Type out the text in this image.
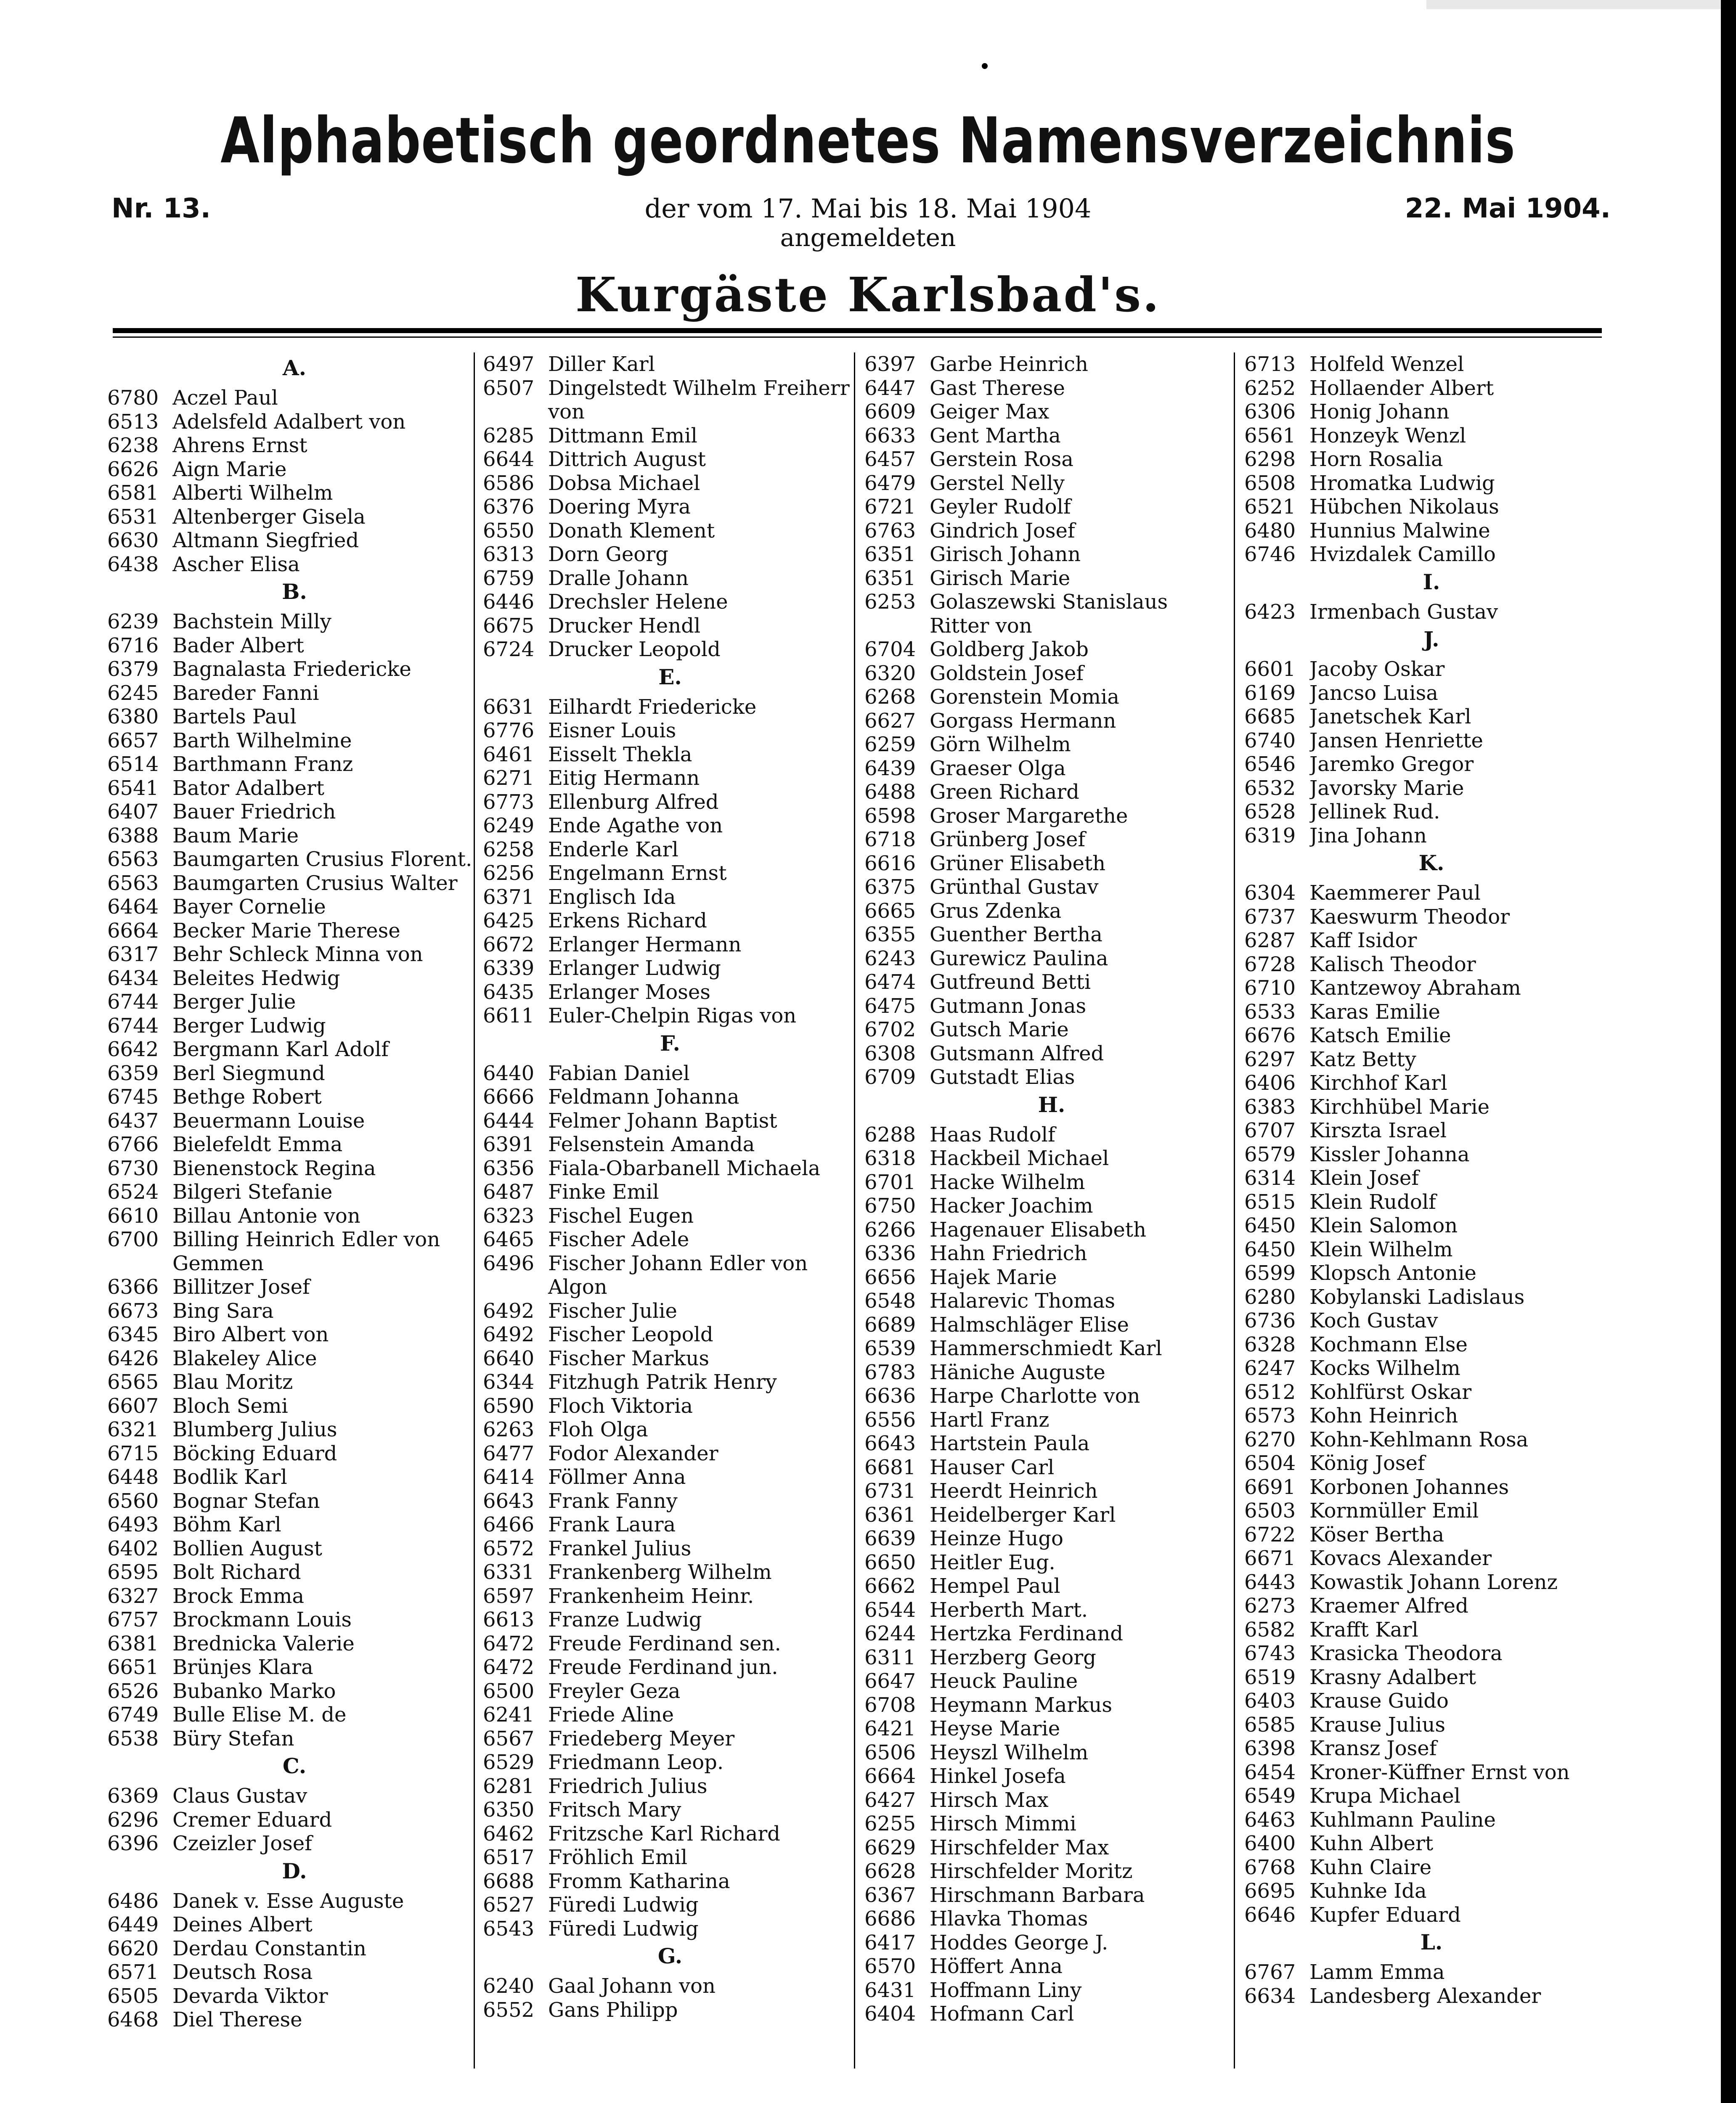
Alphabetisch geordnetes Namensverzeichnis
Nr. 13.	22. Mai 1904.
der vom 17. Mai bis 18. Mai 1904
angemeldeten
Kurgäste Karlsbad's.
A.
6780 Aczel Paul
6513 Adelsfeld Adalbert von
6238 Ahrens Ernst
6626 Aign Marie
6581 Alberti Wilhelm
6531 Altenberger Gisela
6630 Altmann Siegfried
6438 Ascher Elisa
B.
6239 Bachstein Milly
6716 Bader Albert
6379 Bagnalasta Friedericke
6245 Bareder Fanni
6380 Bartels Paul
6657 Barth Wilhelmine
6514 Barthmann Franz
6541 Bator Adalbert
6407 Bauer Friedrich
6388 Baum Marie
6563 Baumgarten Crusius Florent.
6563 Baumgarten Crusius Walter
6464 Bayer Cornelie
6664 Becker Marie Therese
6317 Behr Schleck Minna von
6434 Beleites Hedwig
6744 Berger Julie
6744 Berger Ludwig
6642 Bergmann Karl Adolf
6359 Berl Siegmund
6745 Bethge Robert
6437 Beuermann Louise
6766 Bielefeldt Emma
6730 Bienenstock Regina
6524 Bilgeri Stefanie
6610 Billau Antonie von
6700 Billing Heinrich Edler von
Gemmen
6366 Billitzer Josef
6673 Bing Sara
6345 Biro Albert von
6426 Blakeley Alice
6565 Blau Moritz
6607 Bloch Semi
6321 Blumberg Julius
6715 Böcking Eduard
6448 Bodlik Karl
6560 Bognar Stefan
6493 Böhm Karl
6402 Bollien August
6595 Bolt Richard
6327 Brock Emma
6757 Brockmann Louis
6381 Brednicka Valerie
6651 Brünjes Klara
6526 Bubanko Marko
6749 Bulle Elise M. de
6538 Büry Stefan
C.
6369 Claus Gustav
6296 Cremer Eduard
6396 Czeizler Josef
D.
6486 Danek v. Esse Auguste
6449 Deines Albert
6620 Derdau Constantin
6571 Deutsch Rosa
6505 Devarda Viktor
6468 Diel Therese
6497 Diller Karl
6507 Dingelstedt Wilhelm Freiherr
von
6285 Dittmann Emil
6644 Dittrich August
6586 Dobsa Michael
6376 Doering Myra
6550 Donath Klement
6313 Dorn Georg
6759 Dralle Johann
6446 Drechsler Helene
6675 Drucker Hendl
6724 Drucker Leopold
E.
6631 Eilhardt Friedericke
6776 Eisner Louis
6461 Eisselt Thekla
6271 Eitig Hermann
6773 Ellenburg Alfred
6249 Ende Agathe von
6258 Enderle Karl
6256 Engelmann Ernst
6371 Englisch Ida
6425 Erkens Richard
6672 Erlanger Hermann
6339 Erlanger Ludwig
6435 Erlanger Moses
6611 Euler-Chelpin Rigas von
F.
6440 Fabian Daniel
6666 Feldmann Johanna
6444 Felmer Johann Baptist
6391 Felsenstein Amanda
6356 Fiala-Obarbanell Michaela
6487 Finke Emil
6323 Fischel Eugen
6465 Fischer Adele
6496 Fischer Johann Edler von
Algon
6492 Fischer Julie
6492 Fischer Leopold
6640 Fischer Markus
6344 Fitzhugh Patrik Henry
6590 Floch Viktoria
6263 Floh Olga
6477 Fodor Alexander
6414 Föllmer Anna
6643 Frank Fanny
6466 Frank Laura
6572 Frankel Julius
6331 Frankenberg Wilhelm
6597 Frankenheim Heinr.
6613 Franze Ludwig
6472 Freude Ferdinand sen.
6472 Freude Ferdinand jun.
6500 Freyler Geza
6241 Friede Aline
6567 Friedeberg Meyer
6529 Friedmann Leop.
6281 Friedrich Julius
6350 Fritsch Mary
6462 Fritzsche Karl Richard
6517 Fröhlich Emil
6688 Fromm Katharina
6527 Füredi Ludwig
6543 Füredi Ludwig
G.
6240 Gaal Johann von
6552 Gans Philipp
6397 Garbe Heinrich
6447 Gast Therese
6609 Geiger Max
6633 Gent Martha
6457 Gerstein Rosa
6479 Gerstel Nelly
6721 Geyler Rudolf
6763 Gindrich Josef
6351 Girisch Johann
6351 Girisch Marie
6253 Golaszewski Stanislaus
Ritter von
6704 Goldberg Jakob
6320 Goldstein Josef
6268 Gorenstein Momia
6627 Gorgass Hermann
6259 Görn Wilhelm
6439 Graeser Olga
6488 Green Richard
6598 Groser Margarethe
6718 Grünberg Josef
6616 Grüner Elisabeth
6375 Grünthal Gustav
6665 Grus Zdenka
6355 Guenther Bertha
6243 Gurewicz Paulina
6474 Gutfreund Betti
6475 Gutmann Jonas
6702 Gutsch Marie
6308 Gutsmann Alfred
6709 Gutstadt Elias
H.
6288 Haas Rudolf
6318 Hackbeil Michael
6701 Hacke Wilhelm
6750 Hacker Joachim
6266 Hagenauer Elisabeth
6336 Hahn Friedrich
6656 Hajek Marie
6548 Halarevic Thomas
6689 Halmschläger Elise
6539 Hammerschmiedt Karl
6783 Häniche Auguste
6636 Harpe Charlotte von
6556 Hartl Franz
6643 Hartstein Paula
6681 Hauser Carl
6731 Heerdt Heinrich
6361 Heidelberger Karl
6639 Heinze Hugo
6650 Heitler Eug.
6662 Hempel Paul
6544 Herberth Mart.
6244 Hertzka Ferdinand
6311 Herzberg Georg
6647 Heuck Pauline
6708 Heymann Markus
6421 Heyse Marie
6506 Heyszl Wilhelm
6664 Hinkel Josefa
6427 Hirsch Max
6255 Hirsch Mimmi
6629 Hirschfelder Max
6628 Hirschfelder Moritz
6367 Hirschmann Barbara
6686 Hlavka Thomas
6417 Hoddes George J.
6570 Höffert Anna
6431 Hoffmann Liny
6404 Hofmann Carl
6713 Holfeld Wenzel
6252 Hollaender Albert
6306 Honig Johann
6561 Honzeyk Wenzl
6298 Horn Rosalia
6508 Hromatka Ludwig
6521 Hübchen Nikolaus
6480 Hunnius Malwine
6746 Hvizdalek Camillo
I.
6423 Irmenbach Gustav
J.
6601 Jacoby Oskar
6169 Jancso Luisa
6685 Janetschek Karl
6740 Jansen Henriette
6546 Jaremko Gregor
6532 Javorsky Marie
6528 Jellinek Rud.
6319 Jina Johann
K.
6304 Kaemmerer Paul
6737 Kaeswurm Theodor
6287 Kaff Isidor
6728 Kalisch Theodor
6710 Kantzewoy Abraham
6533 Karas Emilie
6676 Katsch Emilie
6297 Katz Betty
6406 Kirchhof Karl
6383 Kirchhübel Marie
6707 Kirszta Israel
6579 Kissler Johanna
6314 Klein Josef
6515 Klein Rudolf
6450 Klein Salomon
6450 Klein Wilhelm
6599 Klopsch Antonie
6280 Kobylanski Ladislaus
6736 Koch Gustav
6328 Kochmann Else
6247 Kocks Wilhelm
6512 Kohlfürst Oskar
6573 Kohn Heinrich
6270 Kohn-Kehlmann Rosa
6504 König Josef
6691 Korbonen Johannes
6503 Kornmüller Emil
6722 Köser Bertha
6671 Kovacs Alexander
6443 Kowastik Johann Lorenz
6273 Kraemer Alfred
6582 Krafft Karl
6743 Krasicka Theodora
6519 Krasny Adalbert
6403 Krause Guido
6585 Krause Julius
6398 Kransz Josef
6454 Kroner-Küffner Ernst von
6549 Krupa Michael
6463 Kuhlmann Pauline
6400 Kuhn Albert
6768 Kuhn Claire
6695 Kuhnke Ida
6646 Kupfer Eduard
L.
6767 Lamm Emma
6634 Landesberg Alexander
